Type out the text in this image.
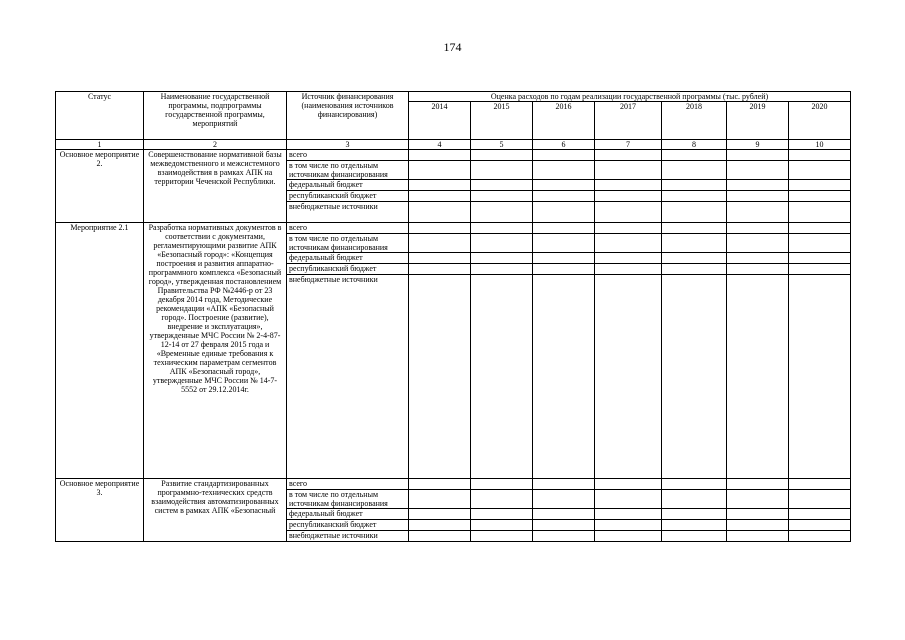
174
Статус	Наименование государственной программы, подпрограммы государственной программы, мероприятий	Источник финансирования (наименования источников финансирования)	Оценка расходов по годам реализации государственной программы (тыс. рублей)						
			2014	2015	2016	2017	2018	2019	2020
1	2	3	4	5	6	7	8	9	10
Основное мероприятие 2.	Совершенствование нормативной базы межведомственного и межсистемного взаимодействия в рамках АПК на территории Чеченской Республики.	всего							
		в том числе по отдельным источникам финансирования							
		федеральный бюджет							
		республиканский бюджет							
		внебюджетные источники							
Мероприятие 2.1	Разработка нормативных документов в соответствии с документами, регламентирующими развитие АПК «Безопасный город»: «Концепция построения и развития аппаратно-программного комплекса «Безопасный город», утвержденная постановлением Правительства РФ №2446-р от 23 декабря 2014 года, Методические рекомендации «АПК «Безопасный город». Построение (развитие), внедрение и эксплуатация», утвержденные МЧС России № 2-4-87-12-14 от 27 февраля 2015 года и «Временные единые требования к техническим параметрам сегментов АПК «Безопасный город», утвержденные МЧС России № 14-7-5552 от 29.12.2014г.	всего							
		в том числе по отдельным источникам финансирования							
		федеральный бюджет							
		республиканский бюджет							
		внебюджетные источники							
Основное мероприятие 3.	Развитие стандартизированных программно-технических средств взаимодействия автоматизированных систем в рамках АПК «Безопасный	всего							
		в том числе по отдельным источникам финансирования							
		федеральный бюджет							
		республиканский бюджет							
		внебюджетные источники							
